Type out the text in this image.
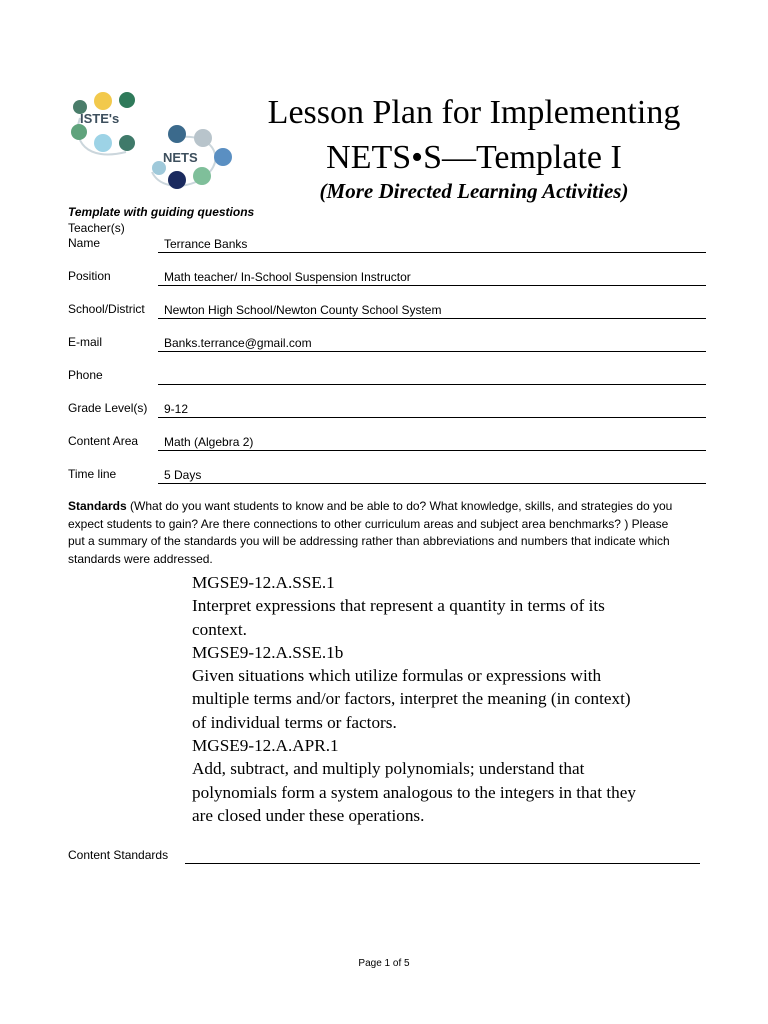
ISTE's
NETS
Lesson Plan for Implementing
NETS•S—Template I
(More Directed Learning Activities)
Template with guiding questions
Teacher(s)
Name	Terrance Banks
Position	Math teacher/ In-School Suspension Instructor
School/District	Newton High School/Newton County School System
E-mail	Banks.terrance@gmail.com
Phone
Grade Level(s)	9-12
Content Area	Math (Algebra 2)
Time line	5 Days
Standards (What do you want students to know and be able to do? What knowledge, skills, and strategies do you
expect students to gain? Are there connections to other curriculum areas and subject area benchmarks? ) Please
put a summary of the standards you will be addressing rather than abbreviations and numbers that indicate which
standards were addressed.
MGSE9-12.A.SSE.1
Interpret expressions that represent a quantity in terms of its
context.
MGSE9-12.A.SSE.1b
Given situations which utilize formulas or expressions with
multiple terms and/or factors, interpret the meaning (in context)
of individual terms or factors.
MGSE9-12.A.APR.1
Add, subtract, and multiply polynomials; understand that
polynomials form a system analogous to the integers in that they
are closed under these operations.
Content Standards
Page 1 of 5
